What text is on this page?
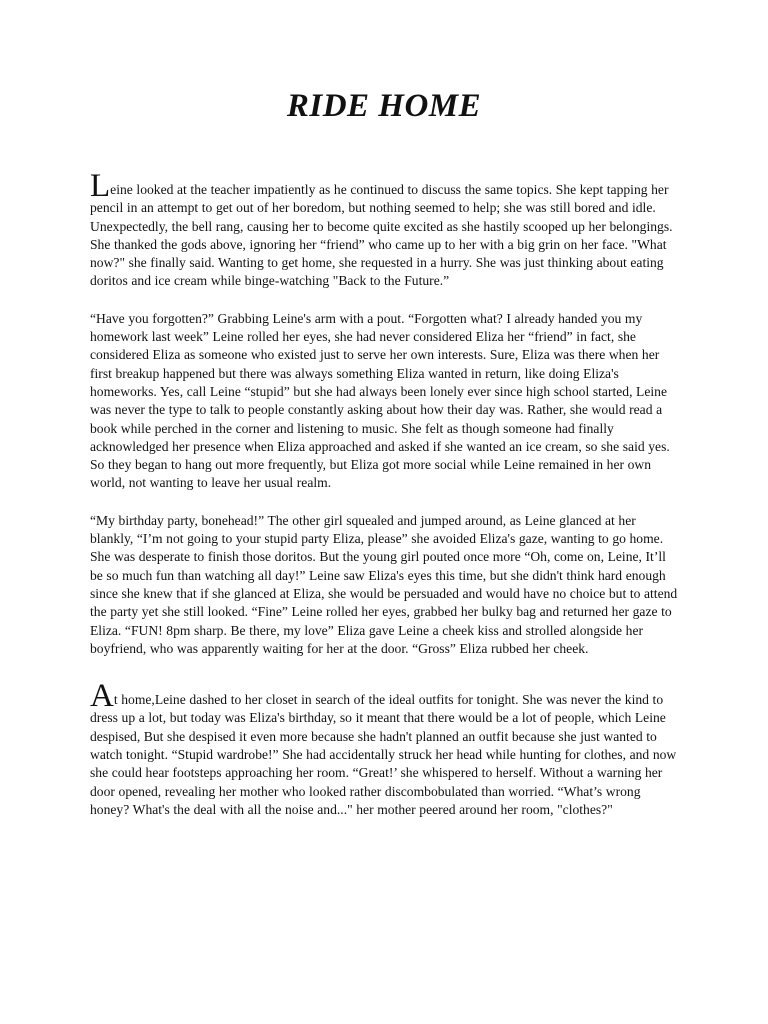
RIDE HOME

Leine looked at the teacher impatiently as he continued to discuss the same topics. She kept tapping her pencil in an attempt to get out of her boredom, but nothing seemed to help; she was still bored and idle. Unexpectedly, the bell rang, causing her to become quite excited as she hastily scooped up her belongings. She thanked the gods above, ignoring her “friend” who came up to her with a big grin on her face. "What now?" she finally said. Wanting to get home, she requested in a hurry. She was just thinking about eating doritos and ice cream while binge-watching "Back to the Future.”

“Have you forgotten?” Grabbing Leine's arm with a pout. “Forgotten what? I already handed you my homework last week” Leine rolled her eyes, she had never considered Eliza her “friend” in fact, she considered Eliza as someone who existed just to serve her own interests. Sure, Eliza was there when her first breakup happened but there was always something Eliza wanted in return, like doing Eliza's homeworks. Yes, call Leine “stupid” but she had always been lonely ever since high school started, Leine was never the type to talk to people constantly asking about how their day was. Rather, she would read a book while perched in the corner and listening to music. She felt as though someone had finally acknowledged her presence when Eliza approached and asked if she wanted an ice cream, so she said yes. So they began to hang out more frequently, but Eliza got more social while Leine remained in her own world, not wanting to leave her usual realm.

“My birthday party, bonehead!” The other girl squealed and jumped around, as Leine glanced at her blankly, “I’m not going to your stupid party Eliza, please” she avoided Eliza's gaze, wanting to go home. She was desperate to finish those doritos. But the young girl pouted once more “Oh, come on, Leine, It’ll be so much fun than watching all day!” Leine saw Eliza's eyes this time, but she didn't think hard enough since she knew that if she glanced at Eliza, she would be persuaded and would have no choice but to attend the party yet she still looked. “Fine” Leine rolled her eyes, grabbed her bulky bag and returned her gaze to Eliza. “FUN! 8pm sharp. Be there, my love” Eliza gave Leine a cheek kiss and strolled alongside her boyfriend, who was apparently waiting for her at the door. “Gross” Eliza rubbed her cheek.

At home,Leine dashed to her closet in search of the ideal outfits for tonight. She was never the kind to dress up a lot, but today was Eliza's birthday, so it meant that there would be a lot of people, which Leine despised, But she despised it even more because she hadn't planned an outfit because she just wanted to watch tonight. “Stupid wardrobe!” She had accidentally struck her head while hunting for clothes, and now she could hear footsteps approaching her room. “Great!’ she whispered to herself. Without a warning her door opened, revealing her mother who looked rather discombobulated than worried. “What’s wrong honey? What's the deal with all the noise and..." her mother peered around her room, "clothes?"
